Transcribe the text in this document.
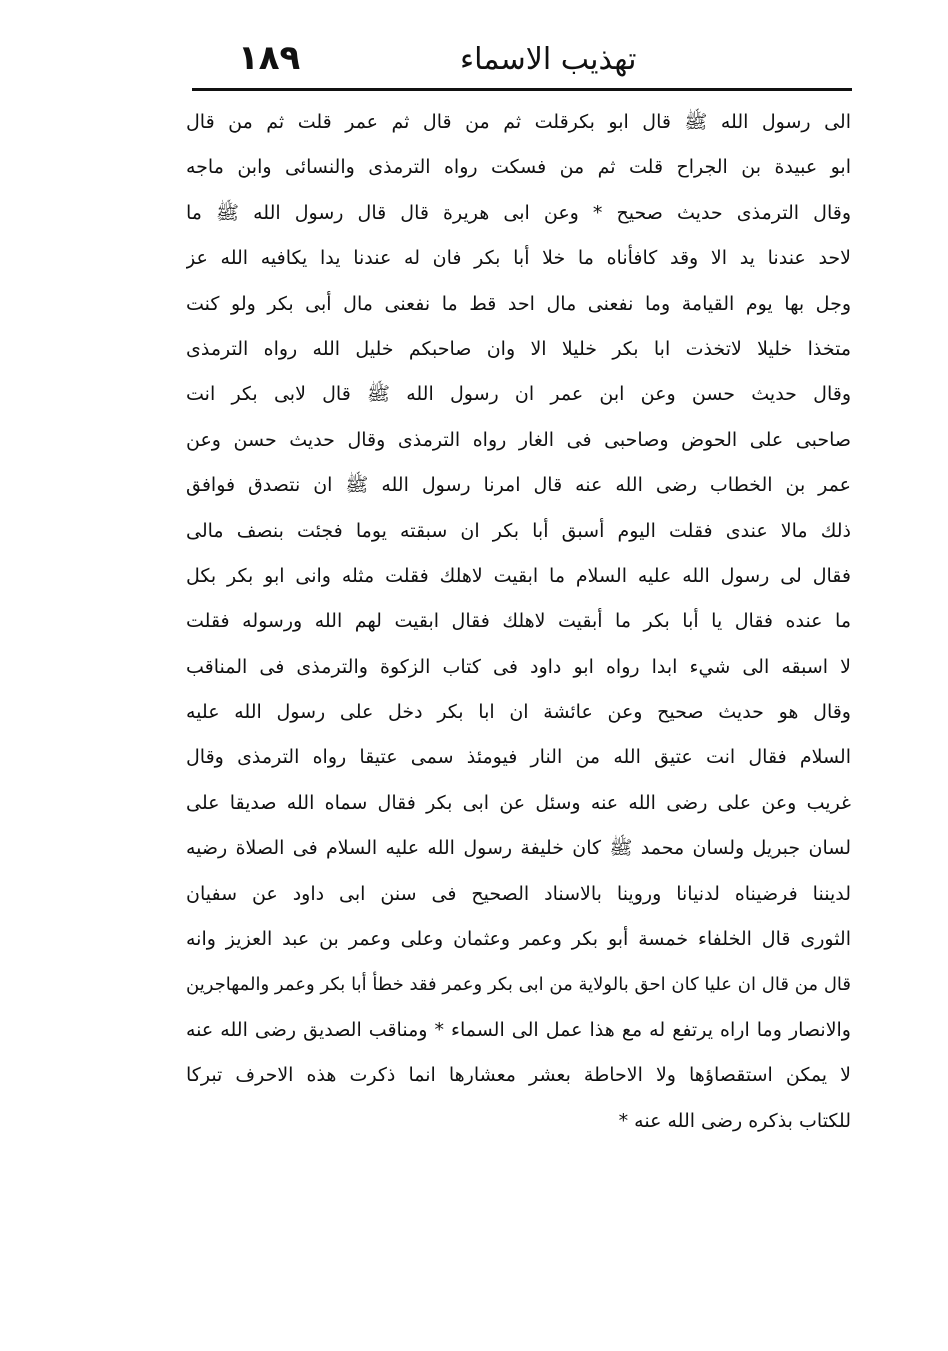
١٨٩	تهذيب الاسماء
الى رسول الله ﷺ قال ابو بكرقلت ثم من قال ثم عمر قلت ثم من قال
ابو عبيدة بن الجراح قلت ثم من فسكت رواه الترمذى والنسائى وابن ماجه
وقال الترمذى حديث صحيح * وعن ابى هريرة قال قال رسول الله ﷺ ما
لاحد عندنا يد الا وقد كافأناه ما خلا أبا بكر فان له عندنا يدا يكافيه الله عز
وجل بها يوم القيامة وما نفعنى مال احد قط ما نفعنى مال أبى بكر ولو كنت
متخذا خليلا لاتخذت ابا بكر خليلا الا وان صاحبكم خليل الله رواه الترمذى
وقال حديث حسن وعن ابن عمر ان رسول الله ﷺ قال لابى بكر انت
صاحبى على الحوض وصاحبى فى الغار رواه الترمذى وقال حديث حسن وعن
عمر بن الخطاب رضى الله عنه قال امرنا رسول الله ﷺ ان نتصدق فوافق
ذلك مالا عندى فقلت اليوم أسبق أبا بكر ان سبقته يوما فجئت بنصف مالى
فقال لى رسول الله عليه السلام ما ابقيت لاهلك فقلت مثله وانى ابو بكر بكل
ما عنده فقال يا أبا بكر ما أبقيت لاهلك فقال ابقيت لهم الله ورسوله فقلت
لا اسبقه الى شيء ابدا رواه ابو داود فى كتاب الزكوة والترمذى فى المناقب
وقال هو حديث صحيح وعن عائشة ان ابا بكر دخل على رسول الله عليه
السلام فقال انت عتيق الله من النار فيومئذ سمى عتيقا رواه الترمذى وقال
غريب وعن على رضى الله عنه وسئل عن ابى بكر فقال سماه الله صديقا على
لسان جبريل ولسان محمد ﷺ كان خليفة رسول الله عليه السلام فى الصلاة رضيه
لديننا فرضيناه لدنيانا وروينا بالاسناد الصحيح فى سنن ابى داود عن سفيان
الثورى قال الخلفاء خمسة أبو بكر وعمر وعثمان وعلى وعمر بن عبد العزيز وانه
قال من قال ان عليا كان احق بالولاية من ابى بكر وعمر فقد خطأ أبا بكر وعمر والمهاجرين
والانصار وما اراه يرتفع له مع هذا عمل الى السماء * ومناقب الصديق رضى الله عنه
لا يمكن استقصاؤها ولا الاحاطة بعشر معشارها انما ذكرت هذه الاحرف تبركا
للكتاب بذكره رضى الله عنه *
